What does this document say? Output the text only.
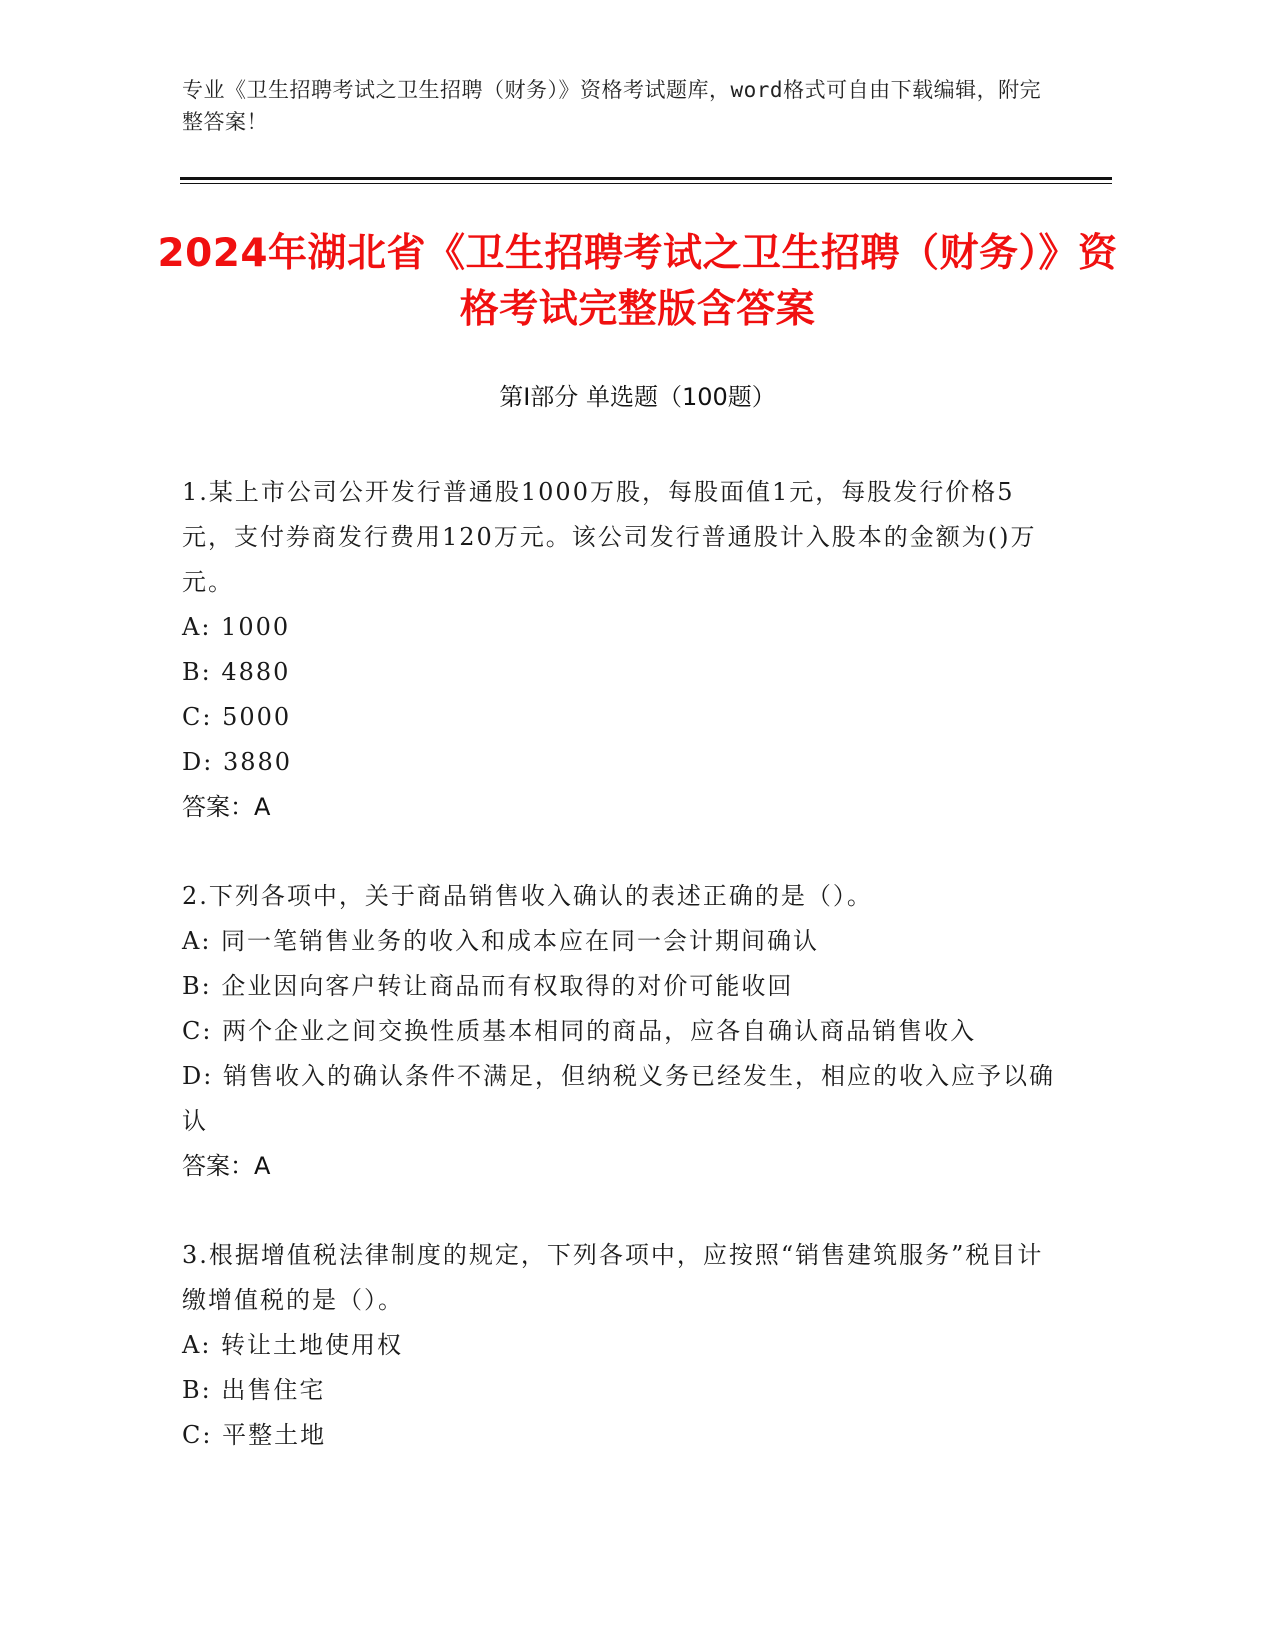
专业《卫生招聘考试之卫生招聘（财务）》资格考试题库，word格式可自由下载编辑，附完整答案！
2024年湖北省《卫生招聘考试之卫生招聘（财务）》资格考试完整版含答案
第Ⅰ部分 单选题（100题）
1.某上市公司公开发行普通股1000万股，每股面值1元，每股发行价格5元，支付券商发行费用120万元。该公司发行普通股计入股本的金额为()万元。
A: 1000
B: 4880
C: 5000
D: 3880
答案：A
2.下列各项中，关于商品销售收入确认的表述正确的是（）。
A: 同一笔销售业务的收入和成本应在同一会计期间确认
B: 企业因向客户转让商品而有权取得的对价可能收回
C: 两个企业之间交换性质基本相同的商品，应各自确认商品销售收入
D: 销售收入的确认条件不满足，但纳税义务已经发生，相应的收入应予以确认
答案：A
3.根据增值税法律制度的规定，下列各项中，应按照“销售建筑服务”税目计缴增值税的是（）。
A: 转让土地使用权
B: 出售住宅
C: 平整土地
